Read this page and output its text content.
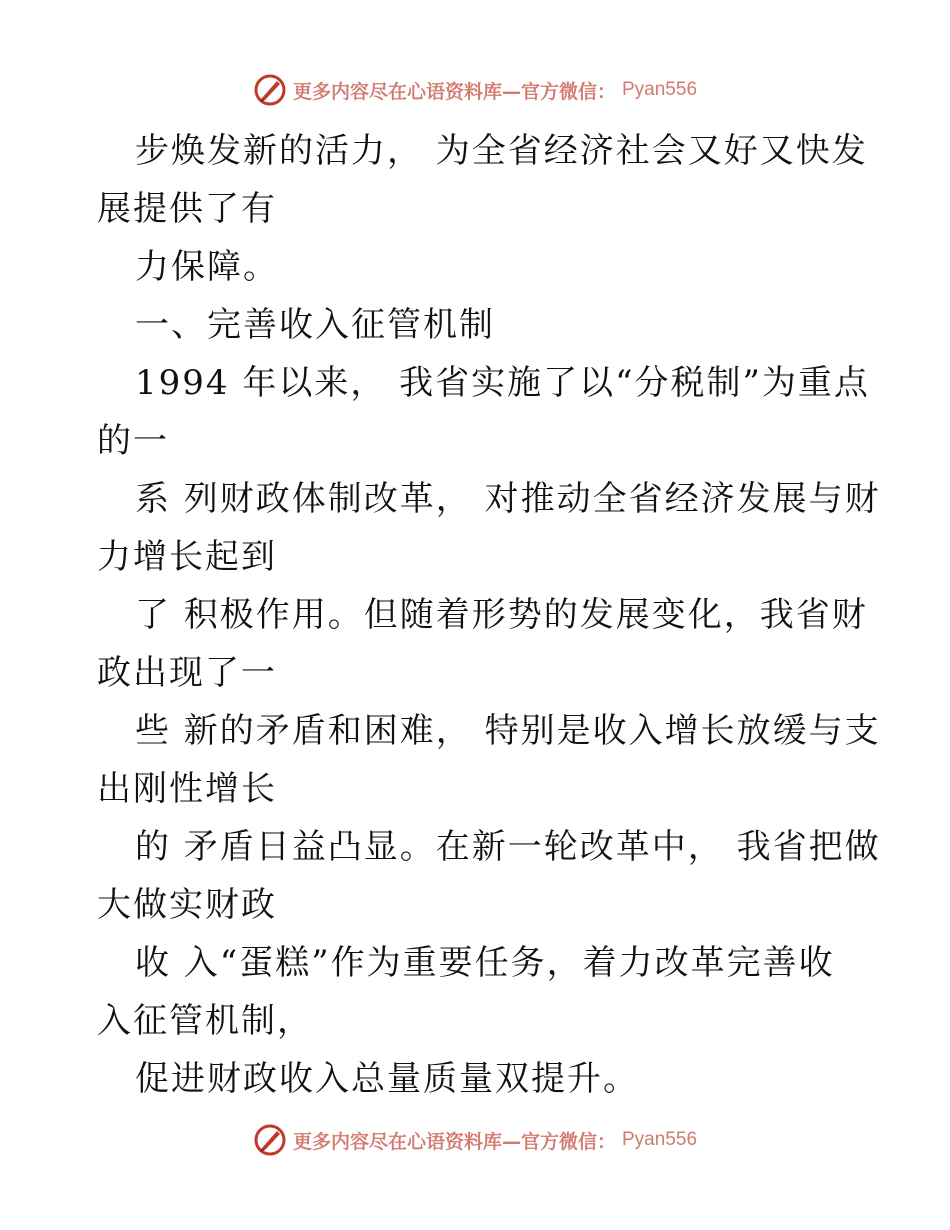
更多内容尽在心语资料库—官方微信： Pyan556
步焕发新的活力， 为全省经济社会又好又快发
展提供了有
力保障。
一、完善收入征管机制
1994 年以来， 我省实施了以“分税制”为重点
的一
系 列财政体制改革， 对推动全省经济发展与财
力增长起到
了 积极作用。但随着形势的发展变化，我省财
政出现了一
些 新的矛盾和困难， 特别是收入增长放缓与支
出刚性增长
的 矛盾日益凸显。在新一轮改革中， 我省把做
大做实财政
收 入“蛋糕”作为重要任务，着力改革完善收
入征管机制，
促进财政收入总量质量双提升。
更多内容尽在心语资料库—官方微信： Pyan556
